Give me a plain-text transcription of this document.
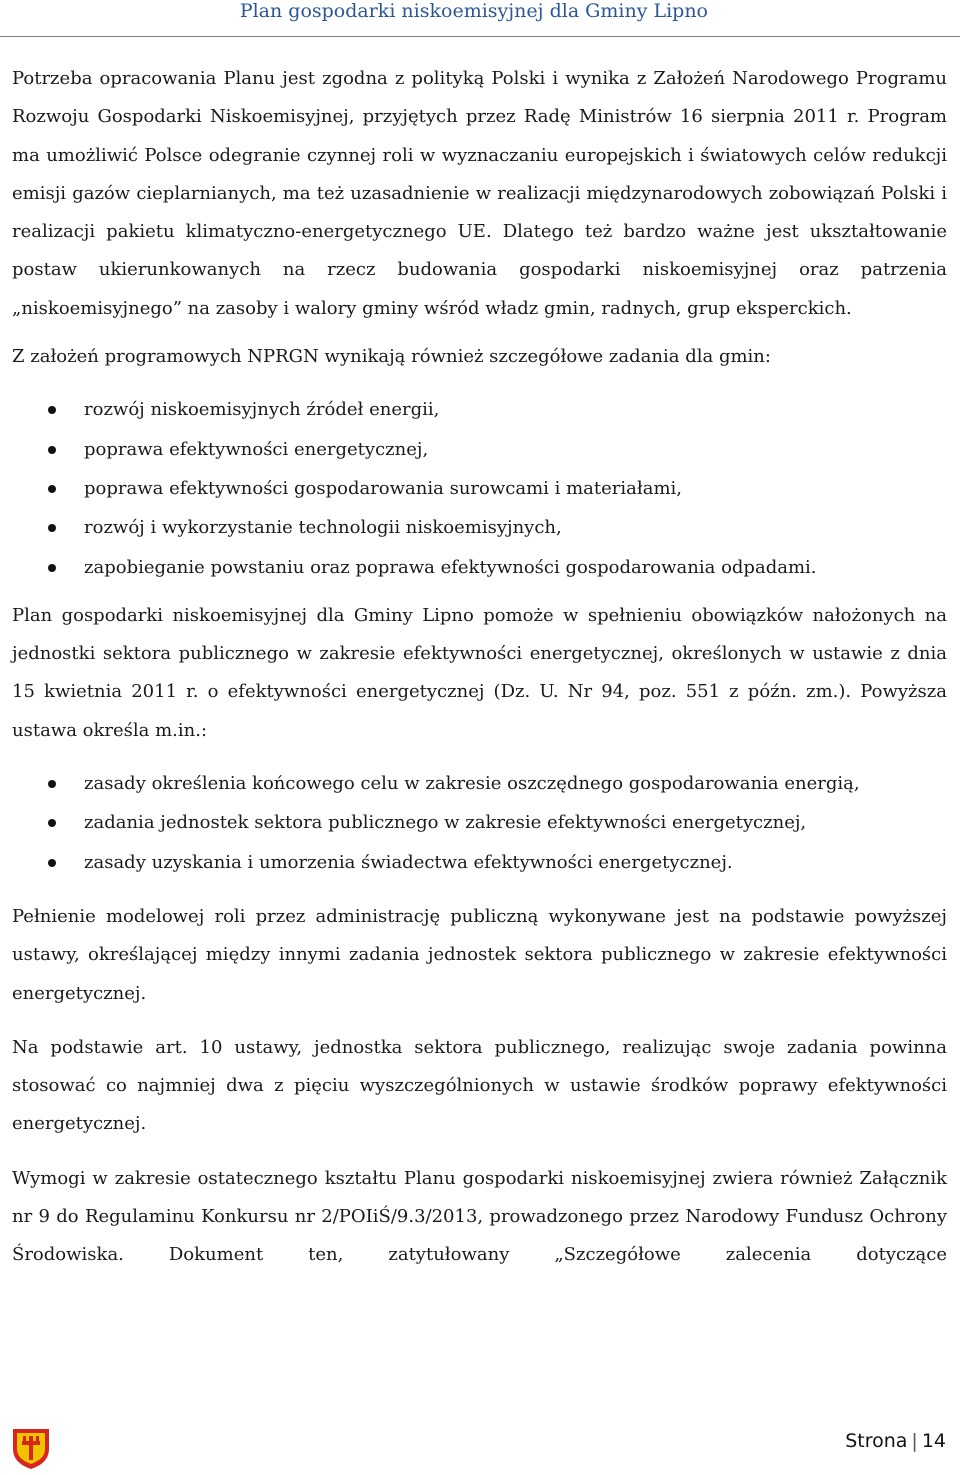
Plan gospodarki niskoemisyjnej dla Gminy Lipno

Potrzeba opracowania Planu jest zgodna z polityką Polski i wynika z Założeń Narodowego Programu Rozwoju Gospodarki Niskoemisyjnej, przyjętych przez Radę Ministrów 16 sierpnia 2011 r. Program ma umożliwić Polsce odegranie czynnej roli w wyznaczaniu europejskich i światowych celów redukcji emisji gazów cieplarnianych, ma też uzasadnienie w realizacji międzynarodowych zobowiązań Polski i realizacji pakietu klimatyczno-energetycznego UE. Dlatego też bardzo ważne jest ukształtowanie postaw ukierunkowanych na rzecz budowania gospodarki niskoemisyjnej oraz patrzenia „niskoemisyjnego” na zasoby i walory gminy wśród władz gmin, radnych, grup eksperckich.

Z założeń programowych NPRGN wynikają również szczegółowe zadania dla gmin:

rozwój niskoemisyjnych źródeł energii,
poprawa efektywności energetycznej,
poprawa efektywności gospodarowania surowcami i materiałami,
rozwój i wykorzystanie technologii niskoemisyjnych,
zapobieganie powstaniu oraz poprawa efektywności gospodarowania odpadami.

Plan gospodarki niskoemisyjnej dla Gminy Lipno pomoże w spełnieniu obowiązków nałożonych na jednostki sektora publicznego w zakresie efektywności energetycznej, określonych w ustawie z dnia 15 kwietnia 2011 r. o efektywności energetycznej (Dz. U. Nr 94, poz. 551 z późn. zm.). Powyższa ustawa określa m.in.:

zasady określenia końcowego celu w zakresie oszczędnego gospodarowania energią,
zadania jednostek sektora publicznego w zakresie efektywności energetycznej,
zasady uzyskania i umorzenia świadectwa efektywności energetycznej.

Pełnienie modelowej roli przez administrację publiczną wykonywane jest na podstawie powyższej ustawy, określającej między innymi zadania jednostek sektora publicznego w zakresie efektywności energetycznej.

Na podstawie art. 10 ustawy, jednostka sektora publicznego, realizując swoje zadania powinna stosować co najmniej dwa z pięciu wyszczególnionych w ustawie środków poprawy efektywności energetycznej.

Wymogi w zakresie ostatecznego kształtu Planu gospodarki niskoemisyjnej zwiera również Załącznik nr 9 do Regulaminu Konkursu nr 2/POIiŚ/9.3/2013, prowadzonego przez Narodowy Fundusz Ochrony Środowiska. Dokument ten, zatytułowany „Szczegółowe zalecenia dotyczące

Strona | 14
